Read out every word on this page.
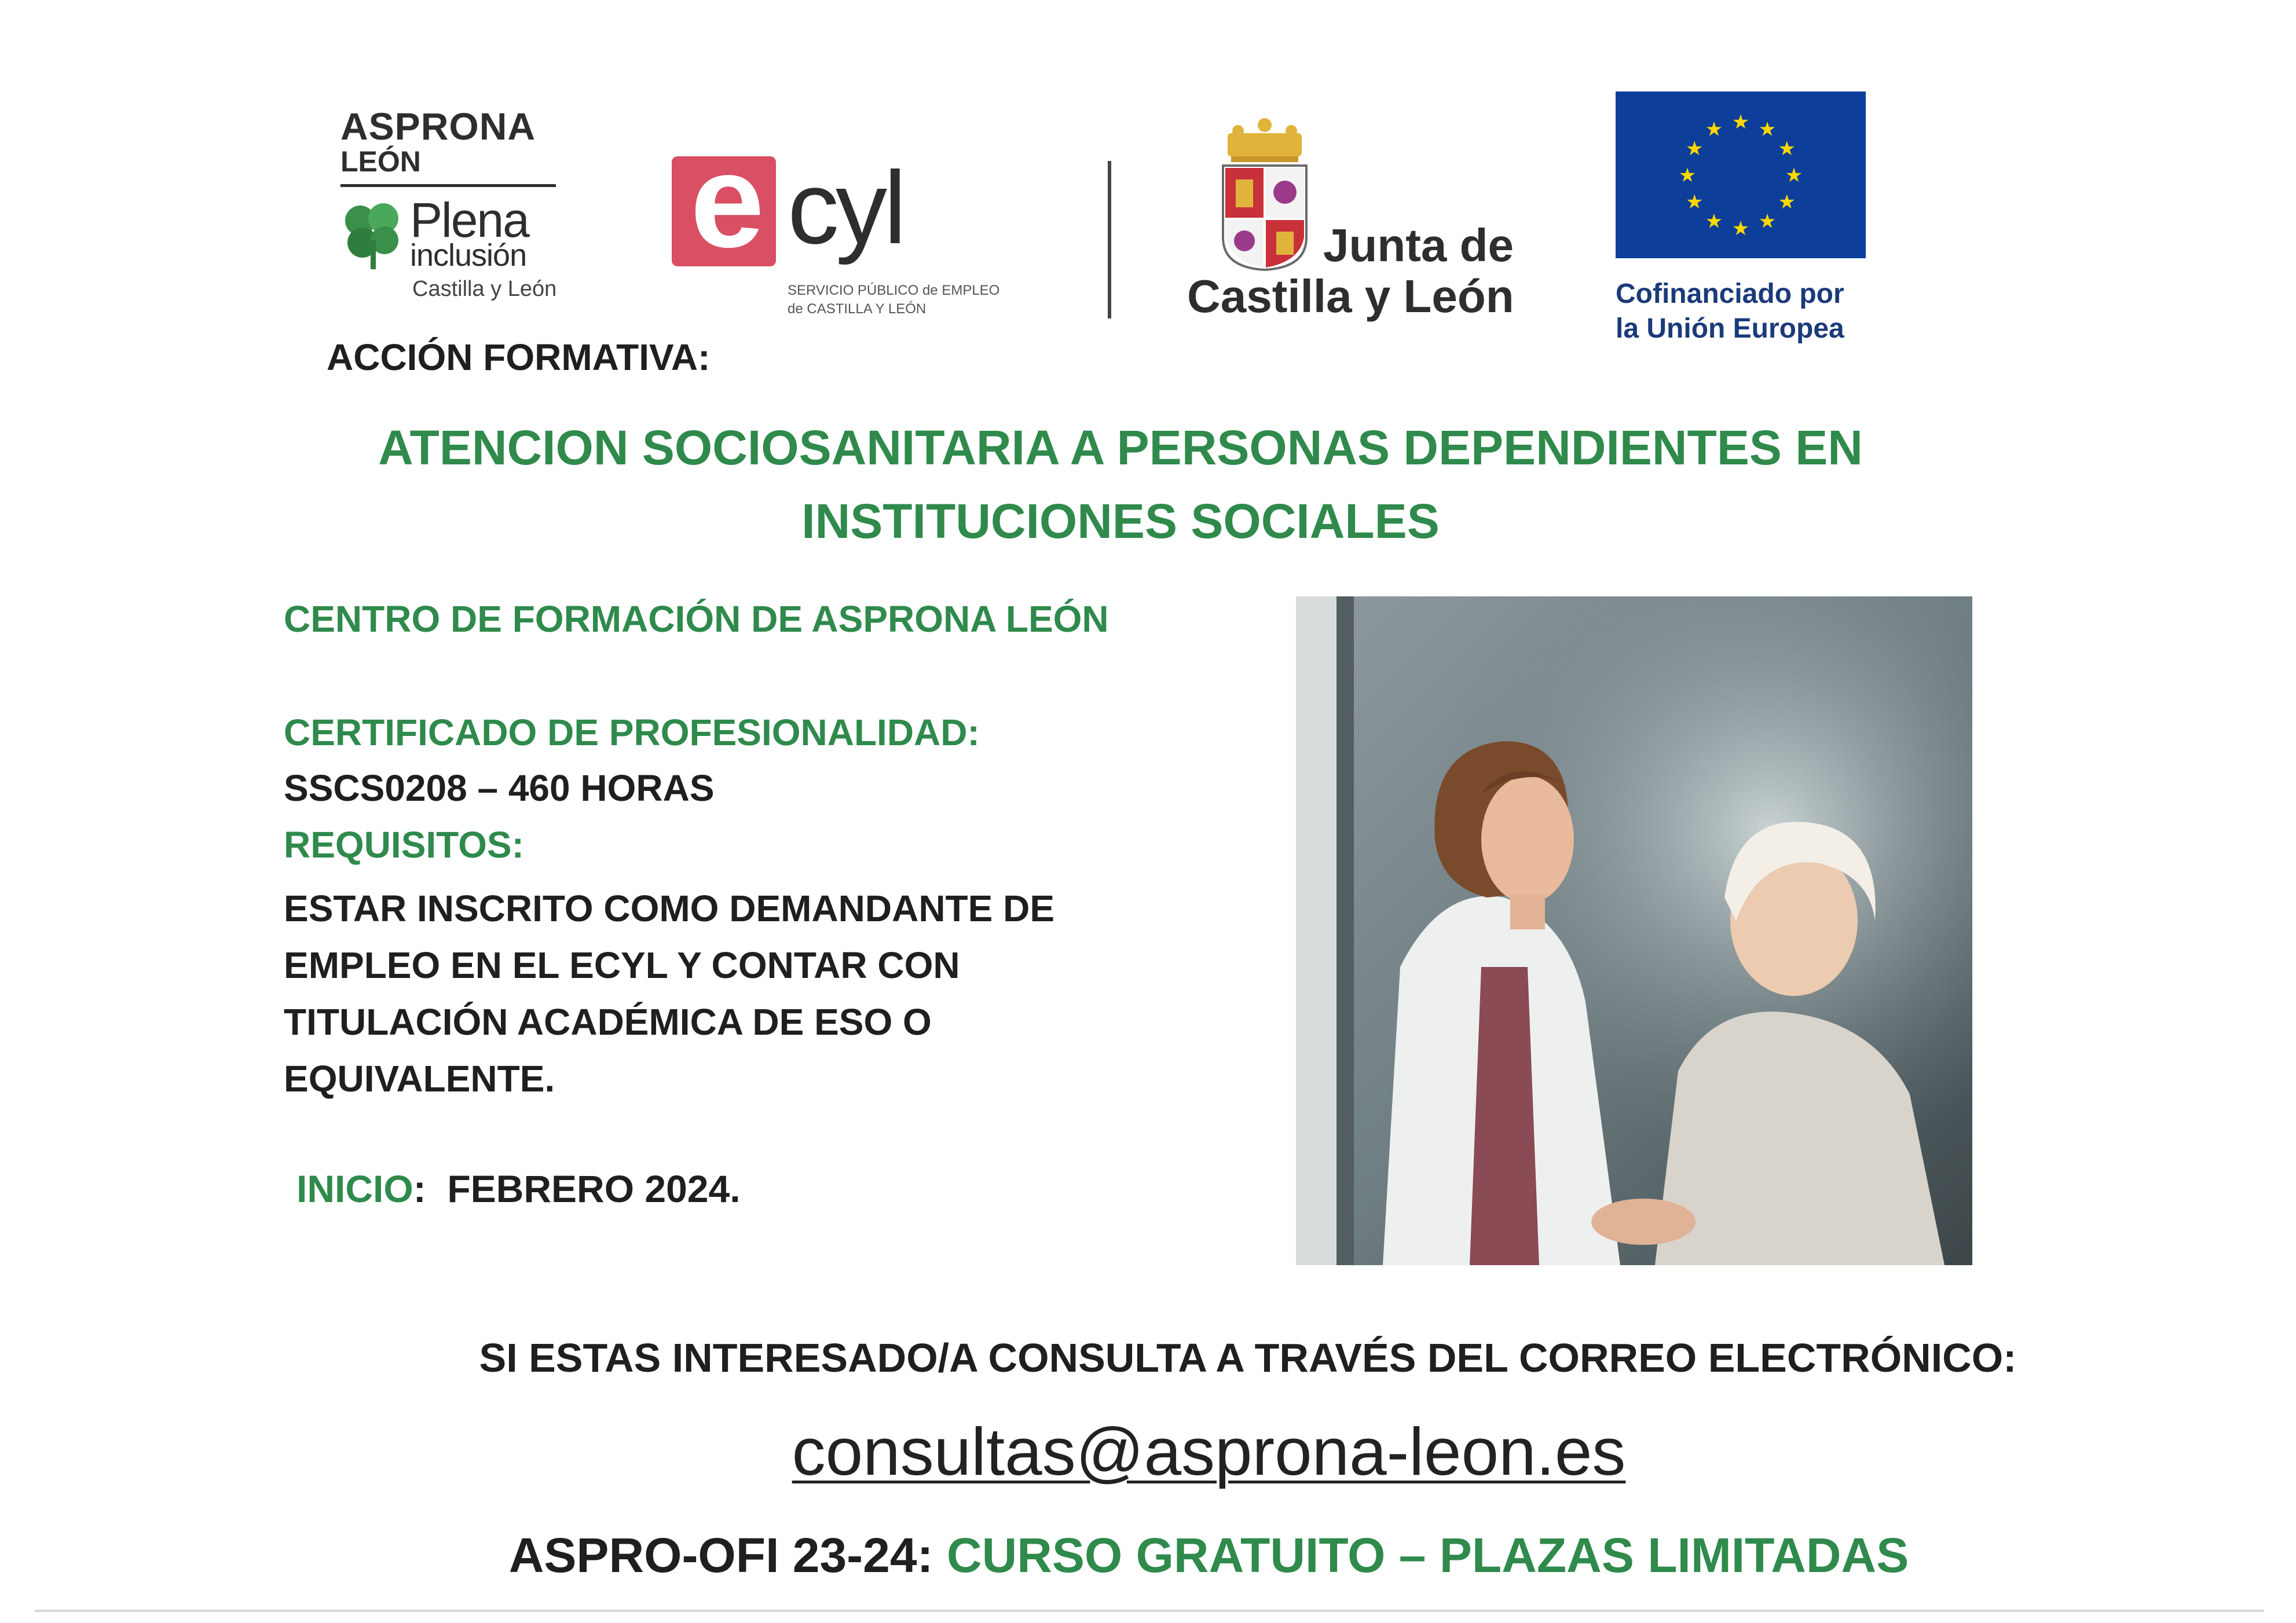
ASPRONA
LEÓN
Plena
inclusión
Castilla y León
e cyl
SERVICIO PÚBLICO de EMPLEO
de CASTILLA Y LEÓN
Junta de
Castilla y León
★ ★
★
★
★
★
★
★
★
★
★
★
Cofinanciado por
la Unión Europea
ACCIÓN FORMATIVA:
ATENCION SOCIOSANITARIA A PERSONAS DEPENDIENTES EN
INSTITUCIONES SOCIALES
CENTRO DE FORMACIÓN DE ASPRONA LEÓN
CERTIFICADO DE PROFESIONALIDAD:
SSCS0208 – 460 HORAS
REQUISITOS:
ESTAR INSCRITO COMO DEMANDANTE DE EMPLEO EN EL ECYL Y CONTAR CON TITULACIÓN ACADÉMICA DE ESO O EQUIVALENTE.
INICIO:  FEBRERO 2024.
SI ESTAS INTERESADO/A CONSULTA A TRAVÉS DEL CORREO ELECTRÓNICO:
consultas@asprona-leon.es
ASPRO-OFI 23-24: CURSO GRATUITO – PLAZAS LIMITADAS
